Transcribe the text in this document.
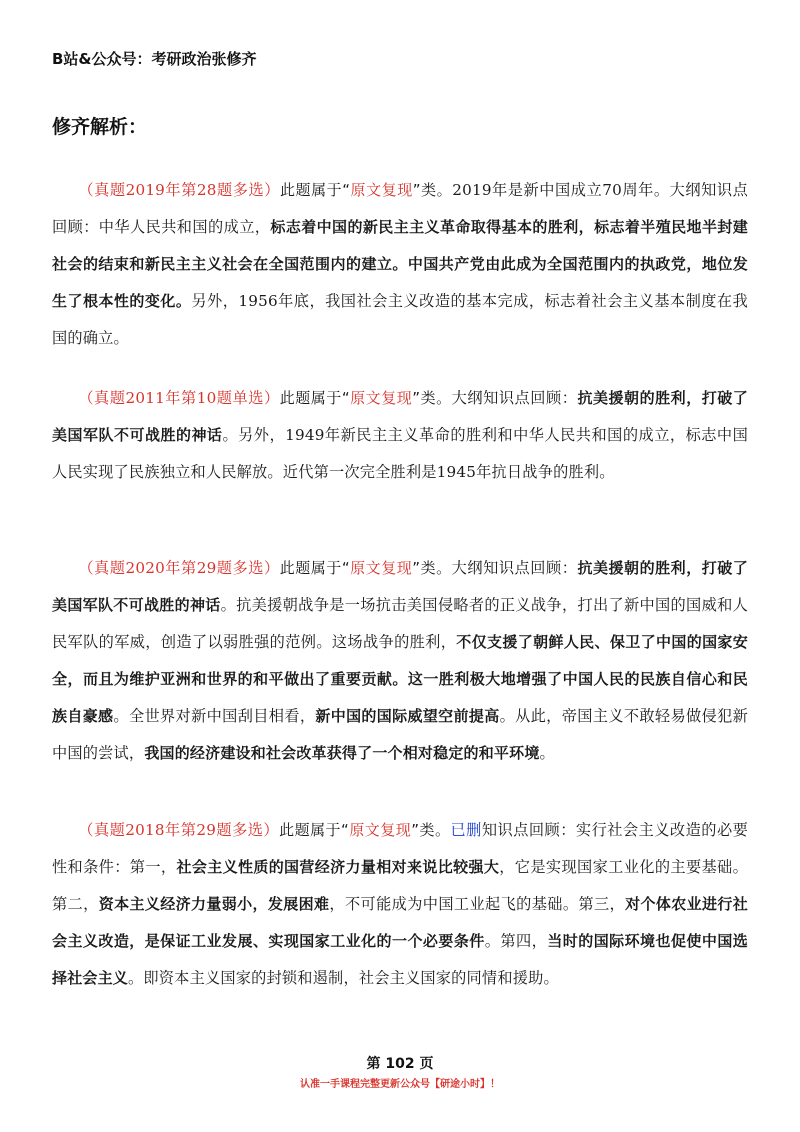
B站&公众号：考研政治张修齐
修齐解析：
（真题2019年第28题多选）此题属于“原文复现”类。2019年是新中国成立70周年。大纲知识点回顾：中华人民共和国的成立，标志着中国的新民主主义革命取得基本的胜利，标志着半殖民地半封建社会的结束和新民主主义社会在全国范围内的建立。中国共产党由此成为全国范围内的执政党，地位发生了根本性的变化。另外，1956年底，我国社会主义改造的基本完成，标志着社会主义基本制度在我国的确立。
（真题2011年第10题单选）此题属于“原文复现”类。大纲知识点回顾：抗美援朝的胜利，打破了美国军队不可战胜的神话。另外，1949年新民主主义革命的胜利和中华人民共和国的成立，标志中国人民实现了民族独立和人民解放。近代第一次完全胜利是1945年抗日战争的胜利。
（真题2020年第29题多选）此题属于“原文复现”类。大纲知识点回顾：抗美援朝的胜利，打破了美国军队不可战胜的神话。抗美援朝战争是一场抗击美国侵略者的正义战争，打出了新中国的国威和人民军队的军威，创造了以弱胜强的范例。这场战争的胜利，不仅支援了朝鲜人民、保卫了中国的国家安全，而且为维护亚洲和世界的和平做出了重要贡献。这一胜利极大地增强了中国人民的民族自信心和民族自豪感。全世界对新中国刮目相看，新中国的国际威望空前提高。从此，帝国主义不敢轻易做侵犯新中国的尝试，我国的经济建设和社会改革获得了一个相对稳定的和平环境。
（真题2018年第29题多选）此题属于“原文复现”类。已删知识点回顾：实行社会主义改造的必要性和条件：第一，社会主义性质的国营经济力量相对来说比较强大，它是实现国家工业化的主要基础。第二，资本主义经济力量弱小，发展困难，不可能成为中国工业起飞的基础。第三，对个体农业进行社会主义改造，是保证工业发展、实现国家工业化的一个必要条件。第四，当时的国际环境也促使中国选择社会主义。即资本主义国家的封锁和遏制，社会主义国家的同情和援助。
第 102 页
认准一手课程完整更新公众号【研途小时】！
